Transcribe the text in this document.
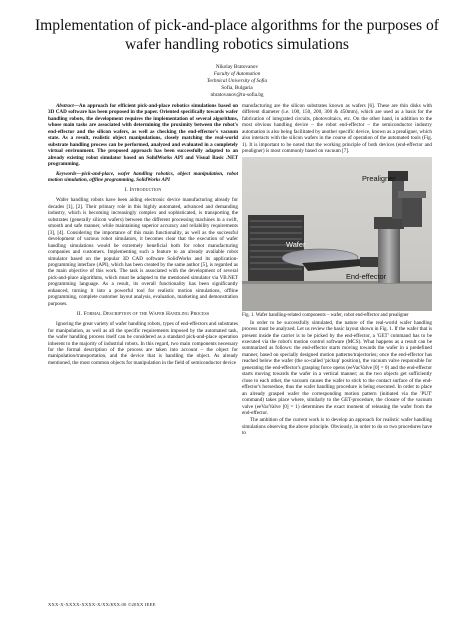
Implementation of pick-and-place algorithms for the purposes of wafer handling robotics simulations
Nikolay Bratovanov
Faculty of Automation
Technical University of Sofia
Sofia, Bulgaria
nbratovanov@tu-sofia.bg

Abstract—An approach for efficient pick-and-place robotics simulations based on 3D CAD software has been proposed in the paper. Oriented specifically towards wafer handling robots, the development requires the implementation of several algorithms, whose main tasks are associated with determining the proximity between the robot's end-effector and the silicon wafers, as well as checking the end-effector's vacuum state. As a result, realistic object manipulations, closely matching the real-world substrate handling process can be performed, analyzed and evaluated in a completely virtual environment. The proposed approach has been successfully adapted to an already existing robot simulator based on SolidWorks API and Visual Basic .NET programming.

Keywords—pick-and-place, wafer handling robotics, object manipulation, robot motion simulation, offline programming, SolidWorks API

I. Introduction

Wafer handling robots have been aiding electronic device manufacturing already for decades [1], [2]. Their primary role in this highly automated, advanced and demanding industry, which is becoming increasingly complex and sophisticated, is transporting the substrates (generally silicon wafers) between the different processing machines in a swift, smooth and safe manner, while maintaining superior accuracy and reliability requirements [3], [4]. Considering the importance of this main functionality, as well as the successful development of various robot simulators, it becomes clear that the execution of wafer handling simulations would be extremely beneficial both for robot manufacturing companies and customers. Implementing such a feature to an already available robot simulator based on the popular 3D CAD software SolidWorks and its application-programming interface (API), which has been created by the same author [5], is regarded as the main objective of this work. The task is associated with the development of several pick-and-place algorithms, which must be adapted to the mentioned simulator via VB.NET programming language. As a result, its overall functionality has been significantly enhanced, turning it into a powerful tool for realistic motion simulations, offline programming, complete customer layout analysis, evaluation, marketing and demonstration purposes.

II. Formal Description of the Wafer Handling Process

Ignoring the great variety of wafer handling robots, types of end-effectors and substrates for manipulation, as well as all the specific requirements imposed by the automated task, the wafer handling process itself can be considered as a standard pick-and-place operation inherent to the majority of industrial robots. In this regard, two main components necessary for the formal description of the process are taken into account – the object for manipulation/transportation, and the device that is handling the object. As already mentioned, the most common objects for manipulation in the field of semiconductor device

manufacturing are the silicon substrates known as wafers [6]. These are thin disks with different diameter (i.e. 100, 150, 200, 300 & 450mm), which are used as a basis for the fabrication of integrated circuits, photovoltaics, etc. On the other hand, in addition to the most obvious handling device – the robot end-effector – the semiconductor industry automation is also being facilitated by another specific device, known as a prealigner, which also interacts with the silicon wafers in the course of operation of the automated tools (Fig. 1). It is important to be noted that the working principle of both devices (end-effector and prealigner) is most commonly based on vacuum [7].

Prealigner
Wafer
End-effector

Fig. 1. Wafer handling-related components – wafer, robot end-effector and prealigner

In order to be successfully simulated, the nature of the real-world wafer handling process must be analyzed. Let us review the basic layout shown in Fig. 1. If the wafer that is present inside the carrier is to be picked by the end-effector, a 'GET' command has to be executed via the robot's motion control software (MCS). What happens as a result can be summarized as follows: the end-effector starts moving towards the wafer in a predefined manner, based on specially designed motion patterns/trajectories; once the end-effector has reached below the wafer (the so-called 'pickup' position), the vacuum valve responsible for generating the end-effector's grasping force opens (eeVacValve [0] = 0) and the end-effector starts moving towards the wafer in a vertical manner; as the two objects get sufficiently close to each other, the vacuum causes the wafer to stick to the contact surface of the end-effector's horseshoe, thus the wafer handling procedure is being executed. In order to place an already grasped wafer the corresponding motion pattern (initiated via the 'PUT' command) takes place where, similarly to the GET-procedure, the closure of the vacuum valve (eeVacValve [0] = 1) determines the exact moment of releasing the wafer from the end-effector.

The ambition of the current work is to develop an approach for realistic wafer handling simulations observing the above principle. Obviously, in order to do so two procedures have to

XXX-X-XXXX-XXXX-X/XX/$XX.00 ©20XX IEEE
